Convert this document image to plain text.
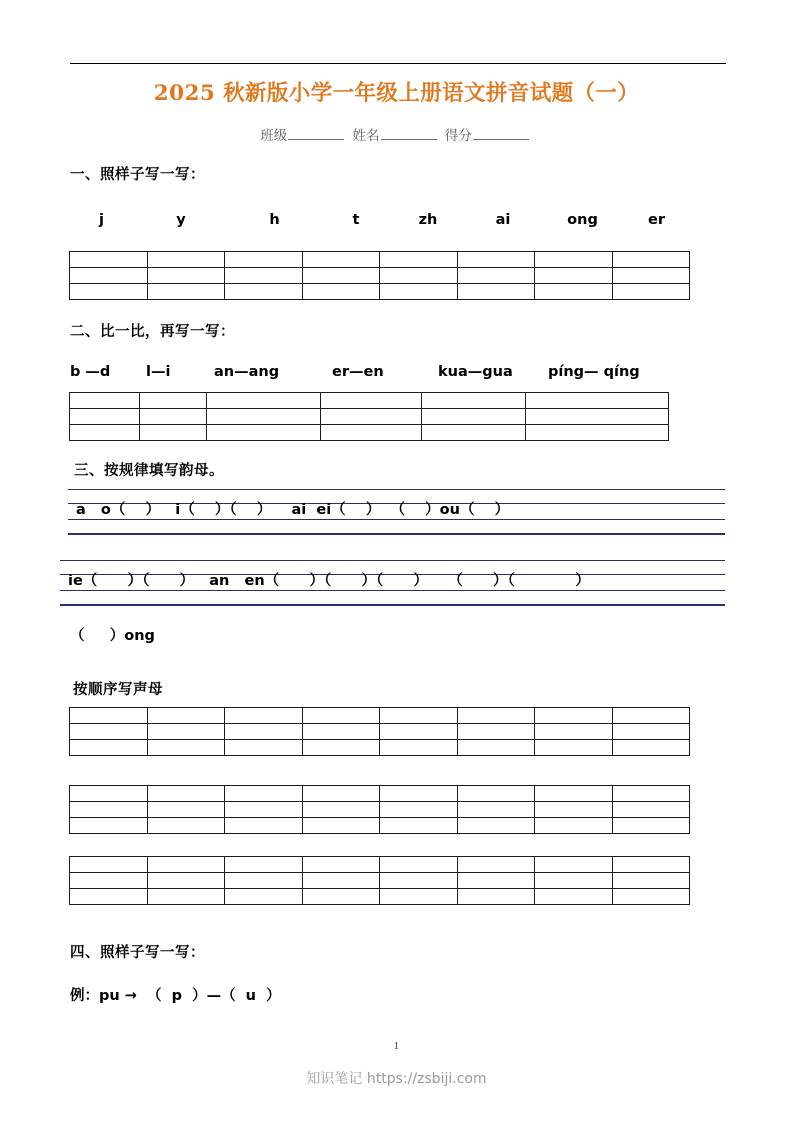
2025 秋新版小学一年级上册语文拼音试题（一）
班级	姓名	得分
一、照样子写一写：
j	y	h	t	zh	ai	ong	er

二、比一比，再写一写：
b —d	l—i	an—ang	er—en	kua—gua	píng— qíng

三、按规律填写韵母。
a   o（    ）   i（    ）（    ）    ai  ei（    ）  （    ）ou（    ）
ie（      ）（      ）   an   en（      ）（      ）（      ）    （      ）（            ）
（     ）ong
按顺序写声母

四、照样子写一写：
例：pu →  （  p  ）—（  u  ）
1
知识笔记 https://zsbiji.com
